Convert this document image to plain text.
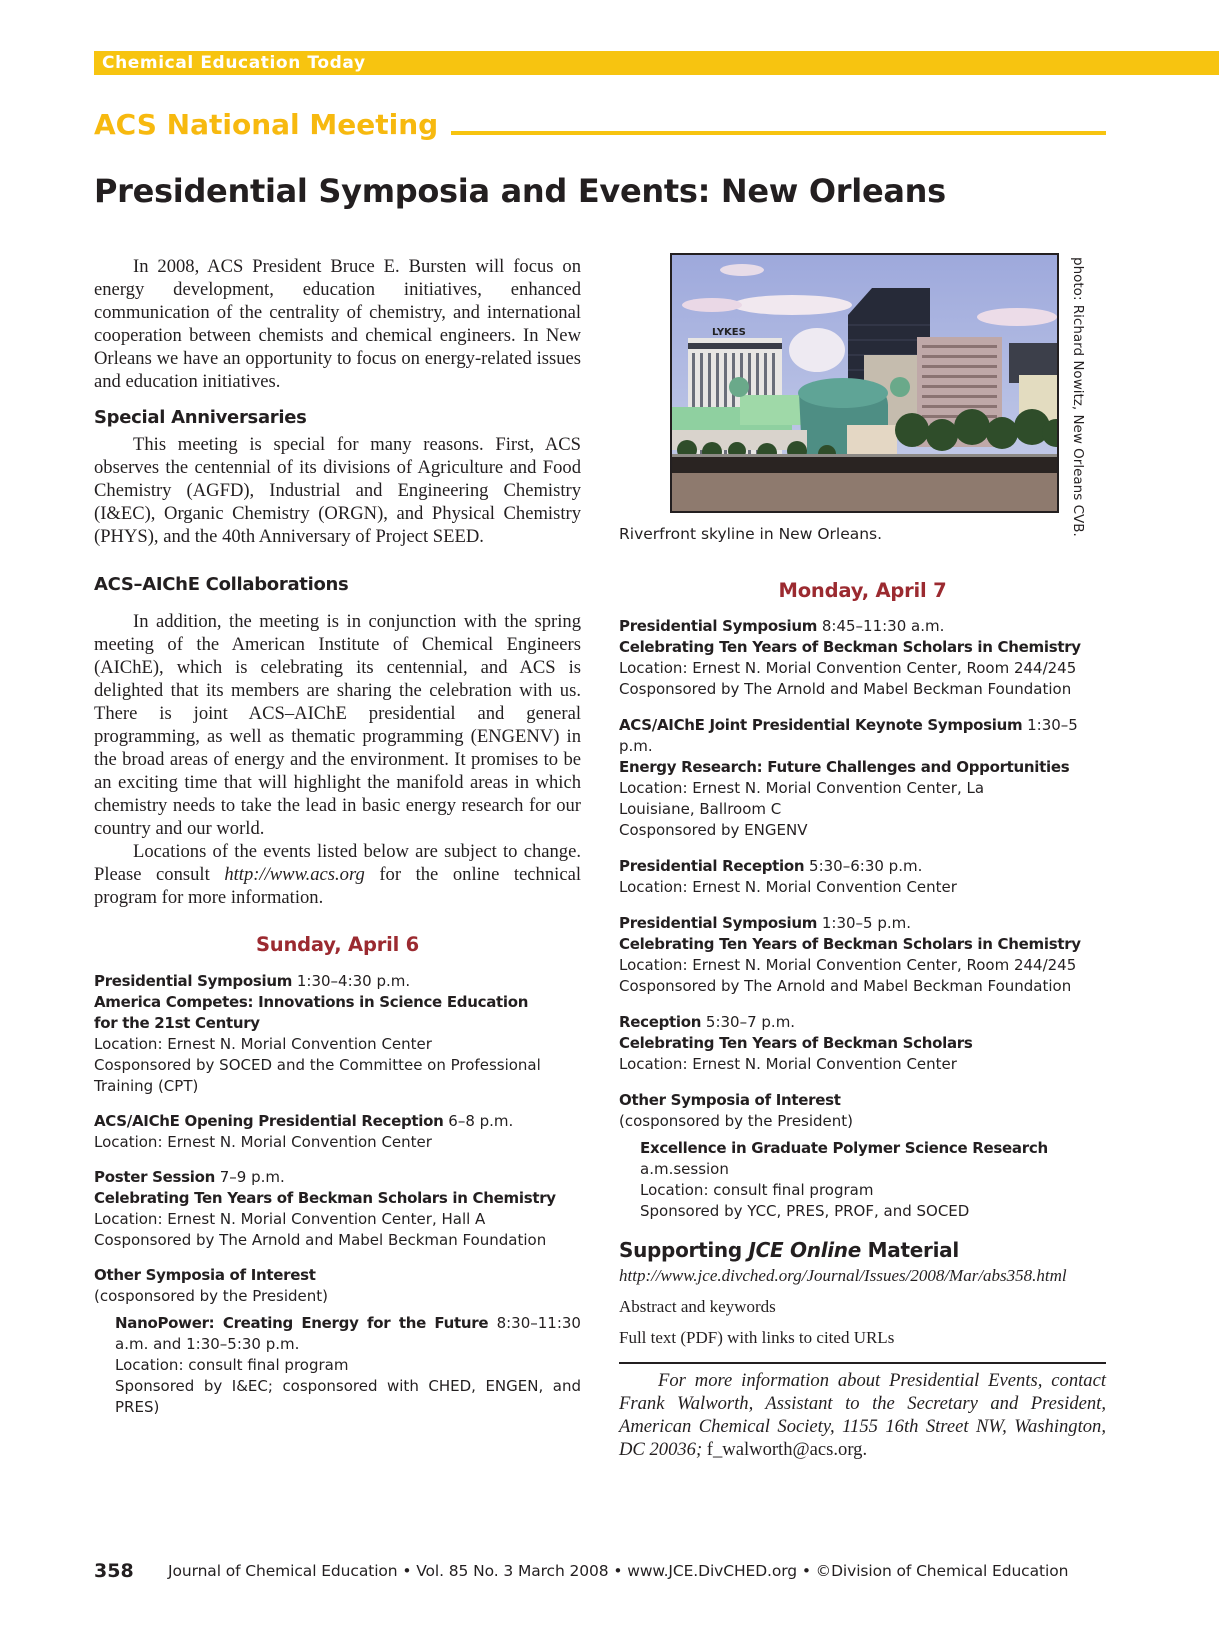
Chemical Education Today
ACS National Meeting
Presidential Symposia and Events: New Orleans

In 2008, ACS President Bruce E. Bursten will focus on energy development, education initiatives, enhanced communication of the centrality of chemistry, and international cooperation between chemists and chemical engineers. In New Orleans we have an opportunity to focus on energy-related issues and education initiatives.

Special Anniversaries

This meeting is special for many reasons. First, ACS observes the centennial of its divisions of Agriculture and Food Chemistry (AGFD), Industrial and Engineering Chemistry (I&EC), Organic Chemistry (ORGN), and Physical Chemistry (PHYS), and the 40th Anniversary of Project SEED.

ACS–AIChE Collaborations

In addition, the meeting is in conjunction with the spring meeting of the American Institute of Chemical Engineers (AIChE), which is celebrating its centennial, and ACS is delighted that its members are sharing the celebration with us. There is joint ACS–AIChE presidential and general programming, as well as thematic programming (ENGENV) in the broad areas of energy and the environment. It promises to be an exciting time that will highlight the manifold areas in which chemistry needs to take the lead in basic energy research for our country and our world.

Locations of the events listed below are subject to change. Please consult http://www.acs.org for the online technical program for more information.

Sunday, April 6
Presidential Symposium 1:30–4:30 p.m.
America Competes: Innovations in Science Education
for the 21st Century
Location: Ernest N. Morial Convention Center
Cosponsored by SOCED and the Committee on Professional Training (CPT)
ACS/AIChE Opening Presidential Reception 6–8 p.m.
Location: Ernest N. Morial Convention Center
Poster Session 7–9 p.m.
Celebrating Ten Years of Beckman Scholars in Chemistry
Location: Ernest N. Morial Convention Center, Hall A
Cosponsored by The Arnold and Mabel Beckman Foundation
Other Symposia of Interest
(cosponsored by the President)
NanoPower: Creating Energy for the Future 8:30–11:30 a.m. and 1:30–5:30 p.m.
Location: consult final program
Sponsored by I&EC; cosponsored with CHED, ENGEN, and PRES)
LYKES	photo: Richard Nowitz, New Orleans CVB.
Riverfront skyline in New Orleans.
Monday, April 7
Presidential Symposium 8:45–11:30 a.m.
Celebrating Ten Years of Beckman Scholars in Chemistry
Location: Ernest N. Morial Convention Center, Room 244/245
Cosponsored by The Arnold and Mabel Beckman Foundation
ACS/AIChE Joint Presidential Keynote Symposium 1:30–5 p.m.
Energy Research: Future Challenges and Opportunities
Location: Ernest N. Morial Convention Center, La Louisiane, Ballroom C
Cosponsored by ENGENV
Presidential Reception 5:30–6:30 p.m.
Location: Ernest N. Morial Convention Center
Presidential Symposium 1:30–5 p.m.
Celebrating Ten Years of Beckman Scholars in Chemistry
Location: Ernest N. Morial Convention Center, Room 244/245
Cosponsored by The Arnold and Mabel Beckman Foundation
Reception 5:30–7 p.m.
Celebrating Ten Years of Beckman Scholars
Location: Ernest N. Morial Convention Center
Other Symposia of Interest
(cosponsored by the President)
Excellence in Graduate Polymer Science Research a.m.session
Location: consult final program
Sponsored by YCC, PRES, PROF, and SOCED
Supporting JCE Online Material

http://www.jce.divched.org/Journal/Issues/2008/Mar/abs358.html

Abstract and keywords

Full text (PDF) with links to cited URLs

For more information about Presidential Events, contact Frank Walworth, Assistant to the Secretary and President, American Chemical Society, 1155 16th Street NW, Washington, DC 20036; f_walworth@acs.org.

358 Journal of Chemical Education • Vol. 85 No. 3 March 2008 • www.JCE.DivCHED.org • ©Division of Chemical Education
